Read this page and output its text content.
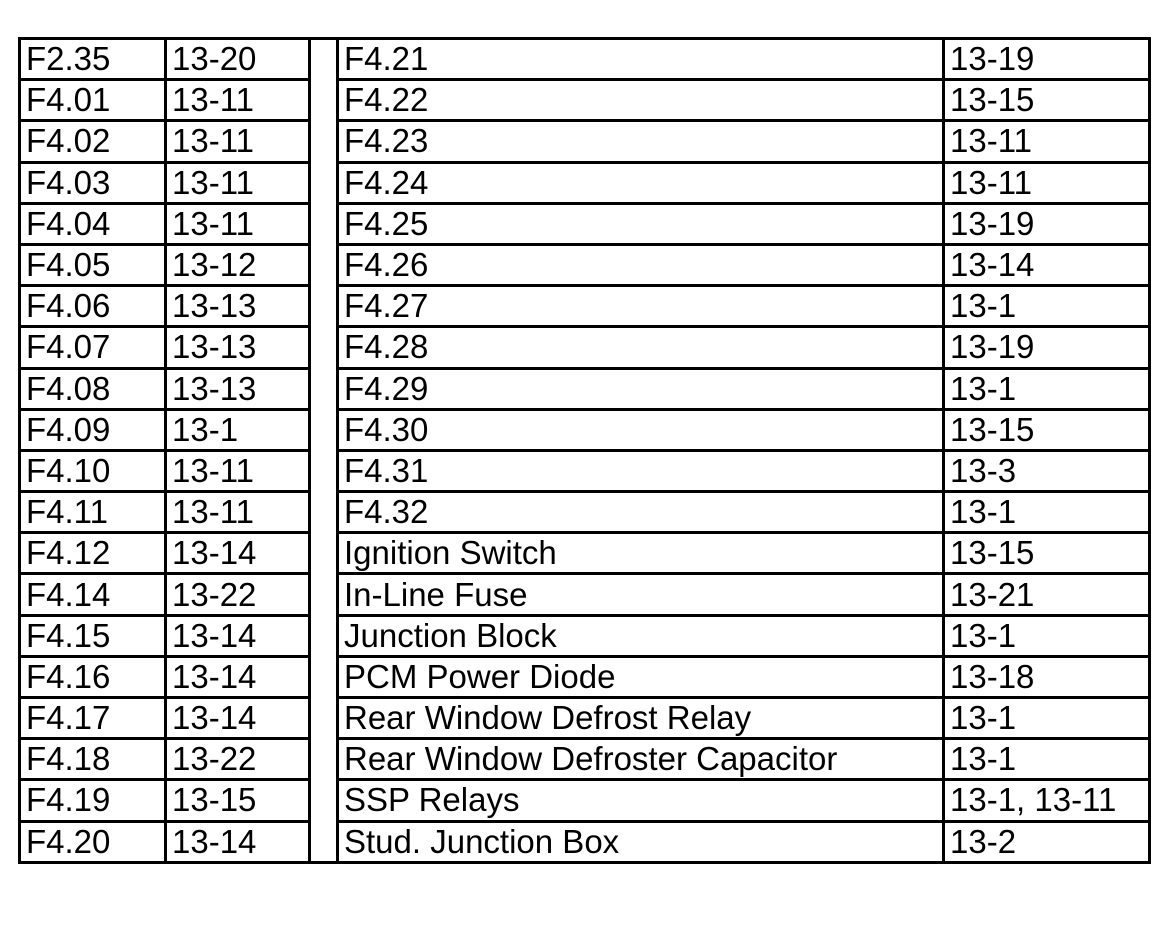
F2.35	13-20		F4.21	13-19
F4.01	13-11		F4.22	13-15
F4.02	13-11		F4.23	13-11
F4.03	13-11		F4.24	13-11
F4.04	13-11		F4.25	13-19
F4.05	13-12		F4.26	13-14
F4.06	13-13		F4.27	13-1
F4.07	13-13		F4.28	13-19
F4.08	13-13		F4.29	13-1
F4.09	13-1		F4.30	13-15
F4.10	13-11		F4.31	13-3
F4.11	13-11		F4.32	13-1
F4.12	13-14		Ignition Switch	13-15
F4.14	13-22		In-Line Fuse	13-21
F4.15	13-14		Junction Block	13-1
F4.16	13-14		PCM Power Diode	13-18
F4.17	13-14		Rear Window Defrost Relay	13-1
F4.18	13-22		Rear Window Defroster Capacitor	13-1
F4.19	13-15		SSP Relays	13-1, 13-11
F4.20	13-14		Stud. Junction Box	13-2
